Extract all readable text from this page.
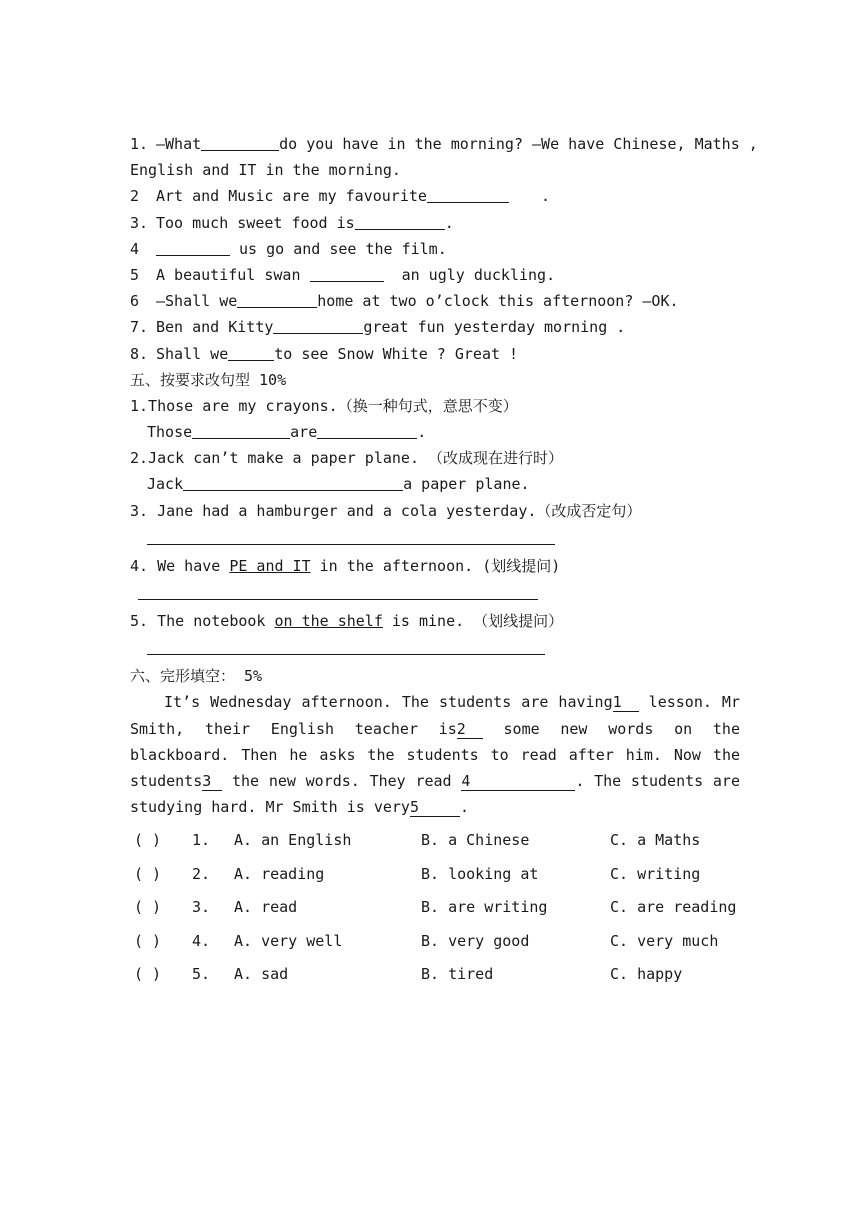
1. —What	do you have in the morning? —We have Chinese, Maths ,
English and IT in the morning.
2 Art and Music are my favourite	.
3. Too much sweet food is	.
4	us go and see the film.
5 A beautiful swan	an ugly duckling.
6 —Shall we	home at two o’clock this afternoon? —OK.
7. Ben and Kitty	great fun yesterday morning .
8. Shall we	to see Snow White ? Great !
五、按要求改句型 10%
1.Those are my crayons.（换一种句式，意思不变）
Those	are	.
2.Jack can’t make a paper plane. （改成现在进行时）
Jack	a paper plane.
3. Jane had a hamburger and a cola yesterday.（改成否定句）
4. We have PE and IT in the afternoon. (划线提问)
5. The notebook on the shelf is mine. （划线提问）
六、完形填空： 5%
It’s Wednesday afternoon. The students are having1 lesson. Mr Smith, their English teacher is2 some new words on the blackboard. Then he asks the students to read after him. Now the students3 the new words. They read 4	. The students are studying hard. Mr Smith is very5	.
( ) 1. A. an English	B. a Chinese	C. a Maths
( ) 2. A. reading	B. looking at	C. writing
( ) 3. A. read	B. are writing	C. are reading
( ) 4. A. very well	B. very good	C. very much
( ) 5. A. sad	B. tired	C. happy
